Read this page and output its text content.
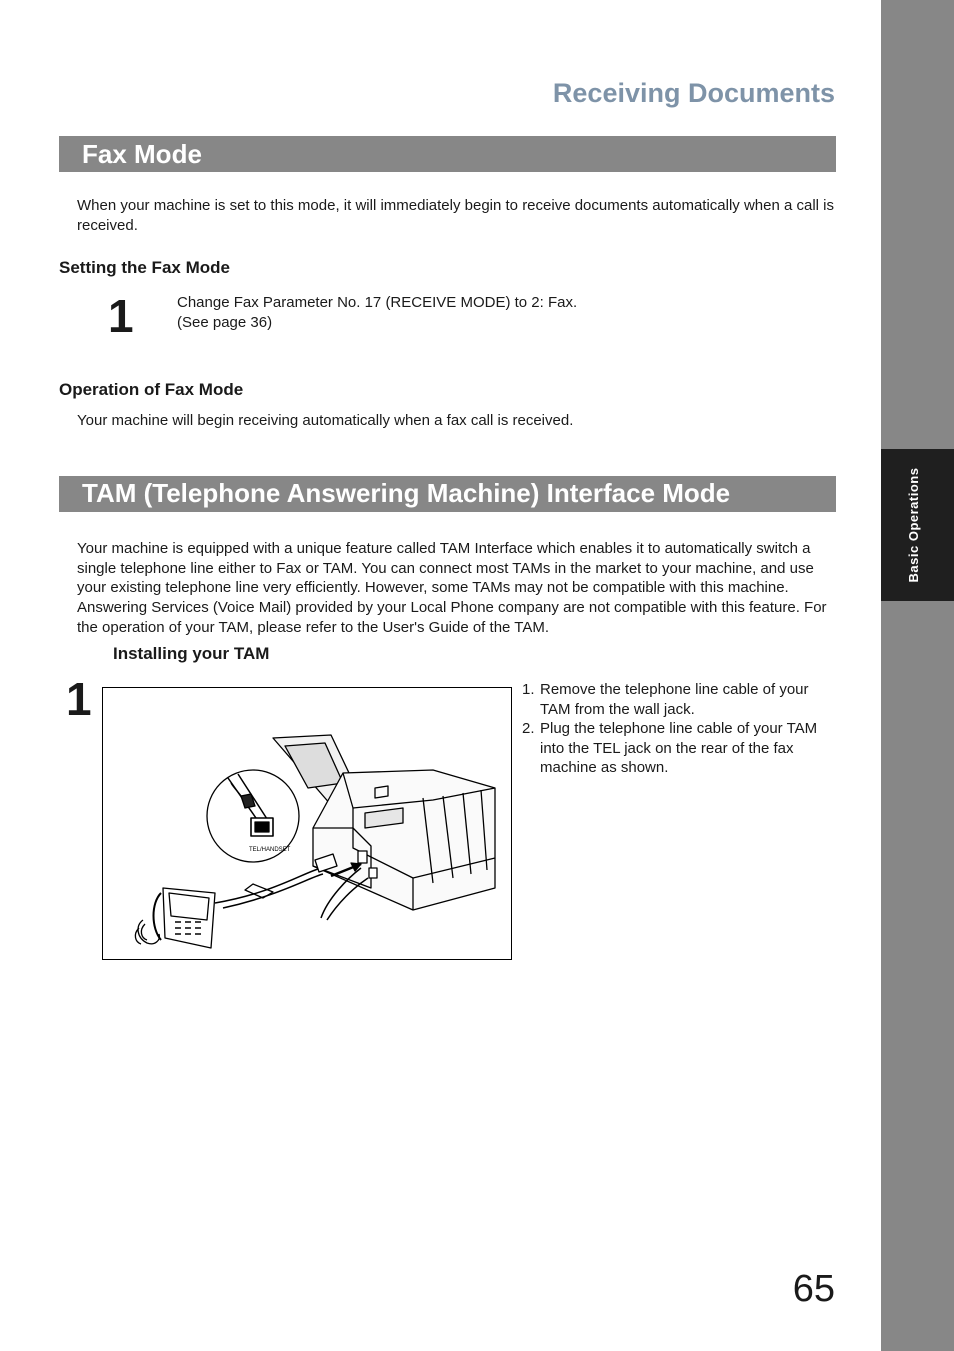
Basic Operations
Receiving Documents
Fax Mode
When your machine is set to this mode, it will immediately begin to receive documents automatically when a call is received.
Setting the Fax Mode
1	Change Fax Parameter No. 17 (RECEIVE MODE) to 2: Fax.
(See page 36)
Operation of Fax Mode
Your machine will begin receiving automatically when a fax call is received.
TAM (Telephone Answering Machine) Interface Mode
Your machine is equipped with a unique feature called TAM Interface which enables it to automatically switch a single telephone line either to Fax or TAM. You can connect most TAMs in the market to your machine, and use your existing telephone line very efficiently. However, some TAMs may not be compatible with this machine. Answering Services (Voice Mail) provided by your Local Phone company are not compatible with this feature. For the operation of your TAM, please refer to the User's Guide of the TAM.
Installing your TAM
1
TEL/HANDSET
1. Remove the telephone line cable of your TAM from the wall jack.
2. Plug the telephone line cable of your TAM into the TEL jack on the rear of the fax machine as shown.
65
